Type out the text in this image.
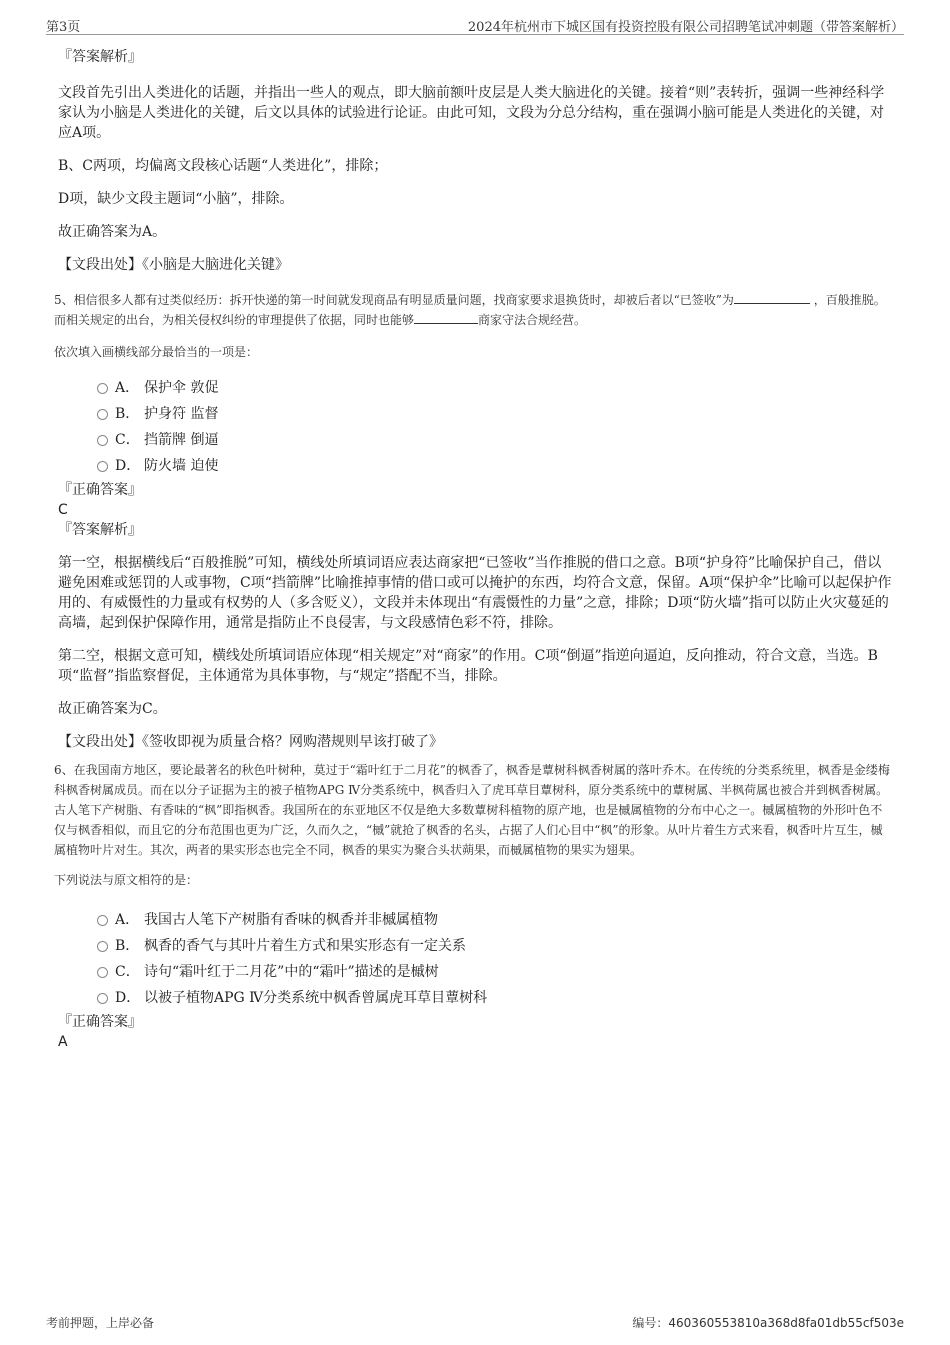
第3页	2024年杭州市下城区国有投资控股有限公司招聘笔试冲刺题（带答案解析）

『答案解析』

文段首先引出人类进化的话题，并指出一些人的观点，即大脑前额叶皮层是人类大脑进化的关键。接着“则”表转折，强调一些神经科学家认为小脑是人类进化的关键，后文以具体的试验进行论证。由此可知，文段为分总分结构，重在强调小脑可能是人类进化的关键，对应A项。

B、C两项，均偏离文段核心话题“人类进化”，排除；

D项，缺少文段主题词“小脑”，排除。

故正确答案为A。

【文段出处】《小脑是大脑进化关键》

5、相信很多人都有过类似经历：拆开快递的第一时间就发现商品有明显质量问题，找商家要求退换货时，却被后者以“已签收”为	，百般推脱。而相关规定的出台，为相关侵权纠纷的审理提供了依据，同时也能够	商家守法合规经营。

依次填入画横线部分最恰当的一项是：

A． 保护伞 敦促
B． 护身符 监督
C． 挡箭牌 倒逼
D． 防火墙 迫使

『正确答案』

C

『答案解析』

第一空，根据横线后“百般推脱”可知，横线处所填词语应表达商家把“已签收”当作推脱的借口之意。B项“护身符”比喻保护自己，借以避免困难或惩罚的人或事物，C项“挡箭牌”比喻推掉事情的借口或可以掩护的东西，均符合文意，保留。A项“保护伞”比喻可以起保护作用的、有威慑性的力量或有权势的人（多含贬义），文段并未体现出“有震慑性的力量”之意，排除；D项“防火墙”指可以防止火灾蔓延的高墙，起到保护保障作用，通常是指防止不良侵害，与文段感情色彩不符，排除。

第二空，根据文意可知，横线处所填词语应体现“相关规定”对“商家”的作用。C项“倒逼”指逆向逼迫，反向推动，符合文意，当选。B项“监督”指监察督促，主体通常为具体事物，与“规定”搭配不当，排除。

故正确答案为C。

【文段出处】《签收即视为质量合格？网购潜规则早该打破了》

6、在我国南方地区，要论最著名的秋色叶树种，莫过于“霜叶红于二月花”的枫香了，枫香是蕈树科枫香树属的落叶乔木。在传统的分类系统里，枫香是金缕梅科枫香树属成员。而在以分子证据为主的被子植物APG Ⅳ分类系统中，枫香归入了虎耳草目蕈树科，原分类系统中的蕈树属、半枫荷属也被合并到枫香树属。古人笔下产树脂、有香味的“枫”即指枫香。我国所在的东亚地区不仅是绝大多数蕈树科植物的原产地，也是槭属植物的分布中心之一。槭属植物的外形叶色不仅与枫香相似，而且它的分布范围也更为广泛，久而久之，“槭”就抢了枫香的名头，占据了人们心目中“枫”的形象。从叶片着生方式来看，枫香叶片互生，槭属植物叶片对生。其次，两者的果实形态也完全不同，枫香的果实为聚合头状蒴果，而槭属植物的果实为翅果。

下列说法与原文相符的是：

A． 我国古人笔下产树脂有香味的枫香并非槭属植物
B． 枫香的香气与其叶片着生方式和果实形态有一定关系
C． 诗句“霜叶红于二月花”中的“霜叶”描述的是槭树
D． 以被子植物APG Ⅳ分类系统中枫香曾属虎耳草目蕈树科

『正确答案』

A

考前押题，上岸必备	编号：460360553810a368d8fa01db55cf503e
